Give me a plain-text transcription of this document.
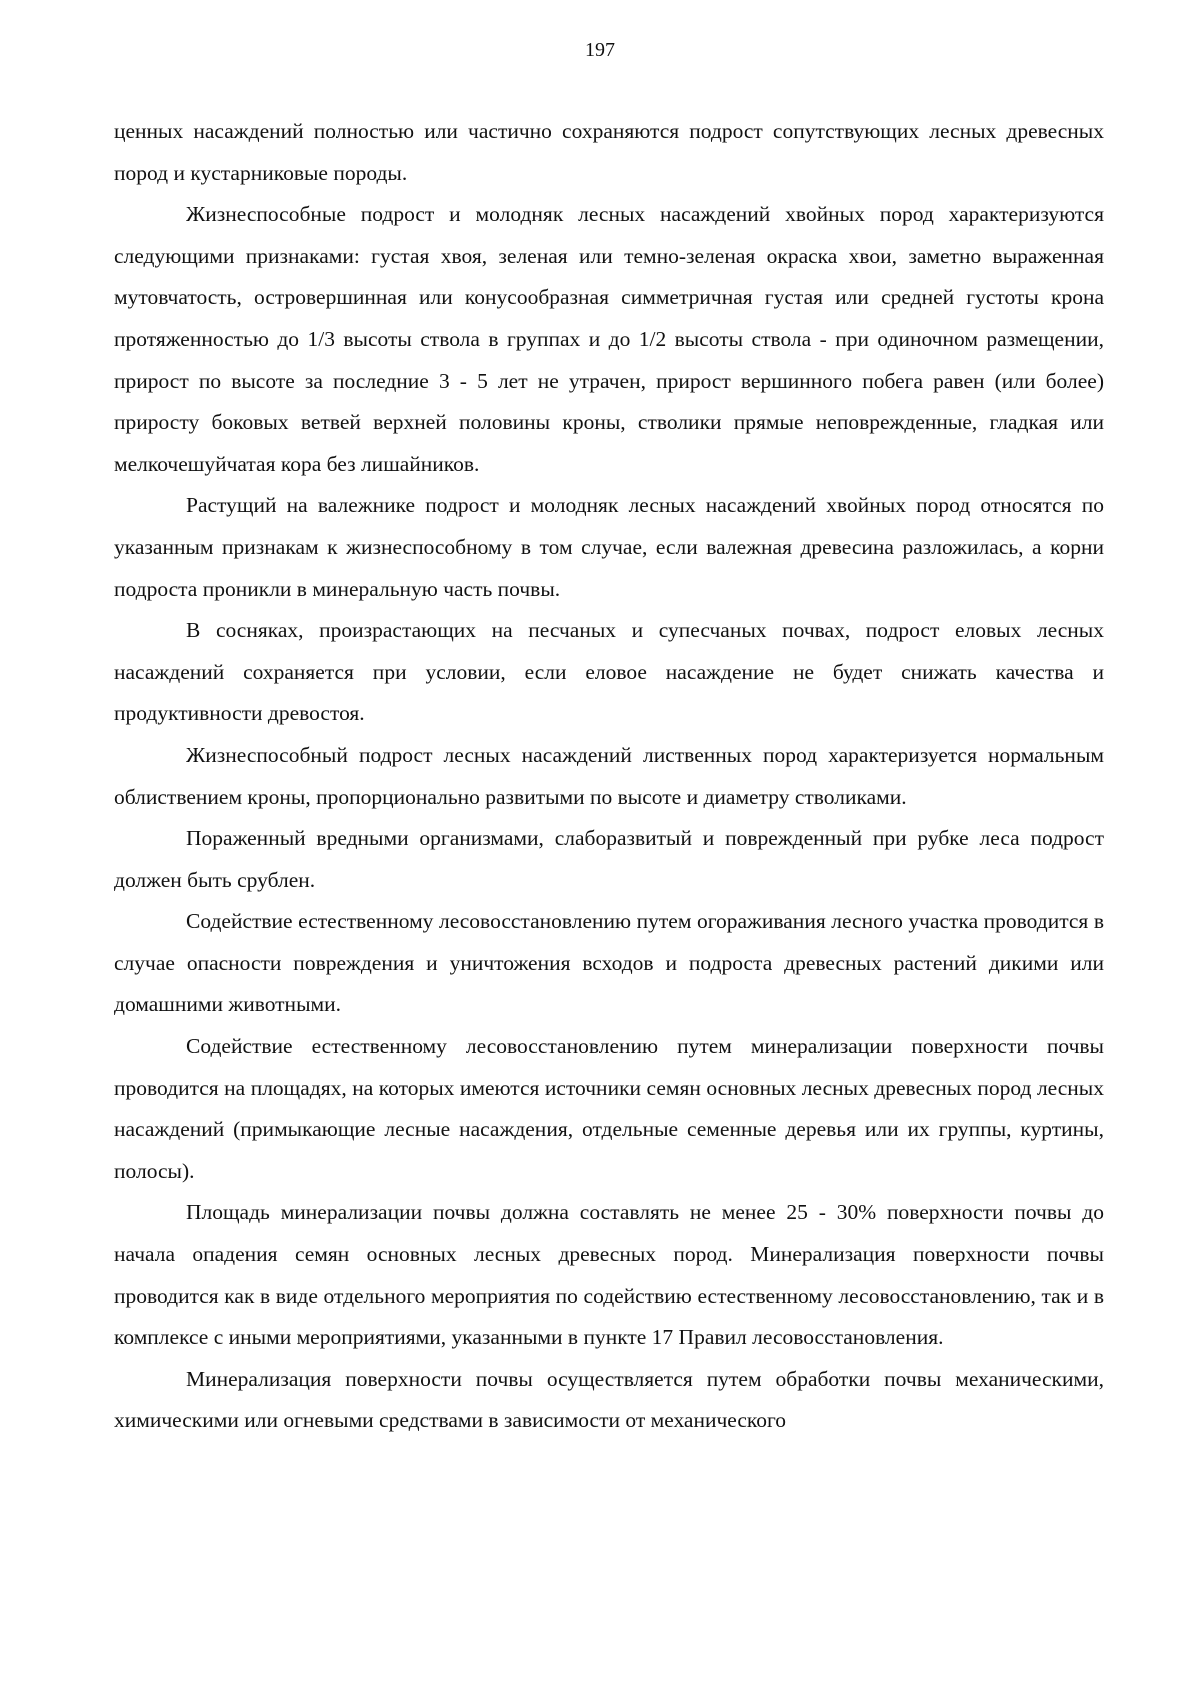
197

ценных насаждений полностью или частично сохраняются подрост сопутствующих лесных древесных пород и кустарниковые породы.

Жизнеспособные подрост и молодняк лесных насаждений хвойных пород характеризуются следующими признаками: густая хвоя, зеленая или темно-зеленая окраска хвои, заметно выраженная мутовчатость, островершинная или конусообразная симметричная густая или средней густоты крона протяженностью до 1/3 высоты ствола в группах и до 1/2 высоты ствола - при одиночном размещении, прирост по высоте за последние 3 - 5 лет не утрачен, прирост вершинного побега равен (или более) приросту боковых ветвей верхней половины кроны, стволики прямые неповрежденные, гладкая или мелкочешуйчатая кора без лишайников.

Растущий на валежнике подрост и молодняк лесных насаждений хвойных пород относятся по указанным признакам к жизнеспособному в том случае, если валежная древесина разложилась, а корни подроста проникли в минеральную часть почвы.

В сосняках, произрастающих на песчаных и супесчаных почвах, подрост еловых лесных насаждений сохраняется при условии, если еловое насаждение не будет снижать качества и продуктивности древостоя.

Жизнеспособный подрост лесных насаждений лиственных пород характеризуется нормальным облиствением кроны, пропорционально развитыми по высоте и диаметру стволиками.

Пораженный вредными организмами, слаборазвитый и поврежденный при рубке леса подрост должен быть срублен.

Содействие естественному лесовосстановлению путем огораживания лесного участка проводится в случае опасности повреждения и уничтожения всходов и подроста древесных растений дикими или домашними животными.

Содействие естественному лесовосстановлению путем минерализации поверхности почвы проводится на площадях, на которых имеются источники семян основных лесных древесных пород лесных насаждений (примыкающие лесные насаждения, отдельные семенные деревья или их группы, куртины, полосы).

Площадь минерализации почвы должна составлять не менее 25 - 30% поверхности почвы до начала опадения семян основных лесных древесных пород. Минерализация поверхности почвы проводится как в виде отдельного мероприятия по содействию естественному лесовосстановлению, так и в комплексе с иными мероприятиями, указанными в пункте 17 Правил лесовосстановления.

Минерализация поверхности почвы осуществляется путем обработки почвы механическими, химическими или огневыми средствами в зависимости от механического
